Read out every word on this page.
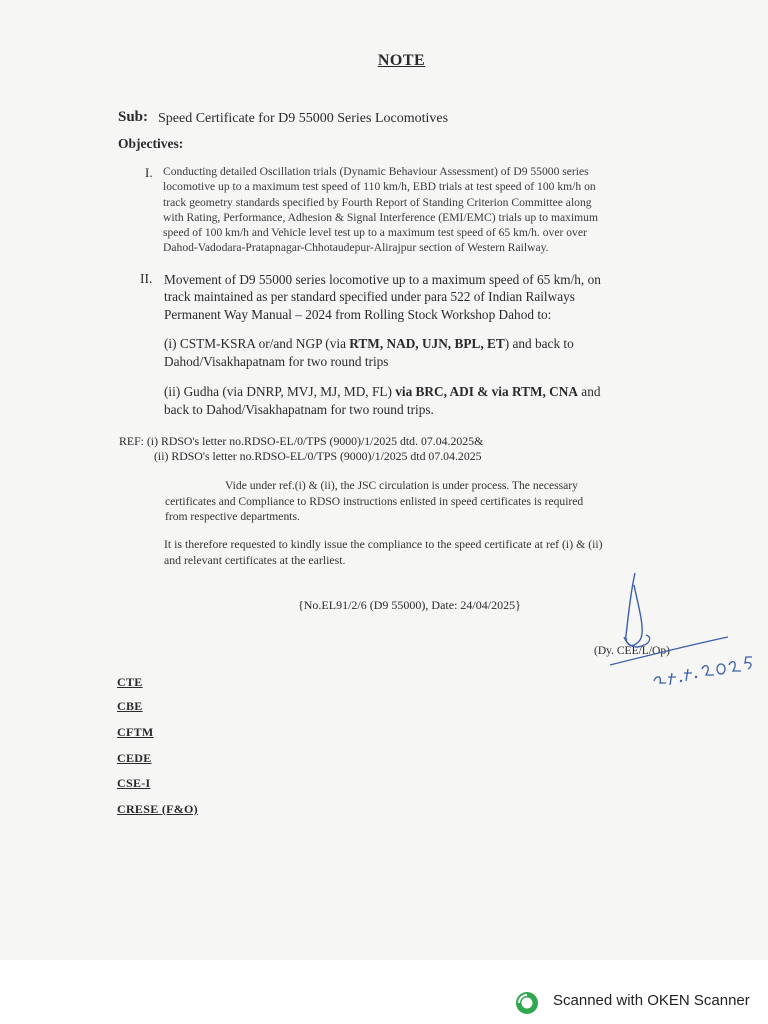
NOTE
Sub: Speed Certificate for D9 55000 Series Locomotives
Objectives:
I. Conducting detailed Oscillation trials (Dynamic Behaviour Assessment) of D9 55000 series
locomotive up to a maximum test speed of 110 km/h, EBD trials at test speed of 100 km/h on
track geometry standards specified by Fourth Report of Standing Criterion Committee along
with Rating, Performance, Adhesion & Signal Interference (EMI/EMC) trials up to maximum
speed of 100 km/h and Vehicle level test up to a maximum test speed of 65 km/h. over over
Dahod-Vadodara-Pratapnagar-Chhotaudepur-Alirajpur section of Western Railway.
II. Movement of D9 55000 series locomotive up to a maximum speed of 65 km/h, on
track maintained as per standard specified under para 522 of Indian Railways
Permanent Way Manual – 2024 from Rolling Stock Workshop Dahod to:
(i) CSTM-KSRA or/and NGP (via RTM, NAD, UJN, BPL, ET) and back to
Dahod/Visakhapatnam for two round trips
(ii) Gudha (via DNRP, MVJ, MJ, MD, FL) via BRC, ADI & via RTM, CNA and
back to Dahod/Visakhapatnam for two round trips.
REF: (i) RDSO's letter no.RDSO-EL/0/TPS (9000)/1/2025 dtd. 07.04.2025&
(ii) RDSO's letter no.RDSO-EL/0/TPS (9000)/1/2025 dtd 07.04.2025
Vide under ref.(i) & (ii), the JSC circulation is under process. The necessary
certificates and Compliance to RDSO instructions enlisted in speed certificates is required
from respective departments.
It is therefore requested to kindly issue the compliance to the speed certificate at ref (i) & (ii)
and relevant certificates at the earliest.
{No.EL91/2/6 (D9 55000), Date: 24/04/2025}
(Dy. CEE/L/Op)
CTE
CBE
CFTM
CEDE
CSE-I
CRESE (F&O)
Scanned with OKEN Scanner
